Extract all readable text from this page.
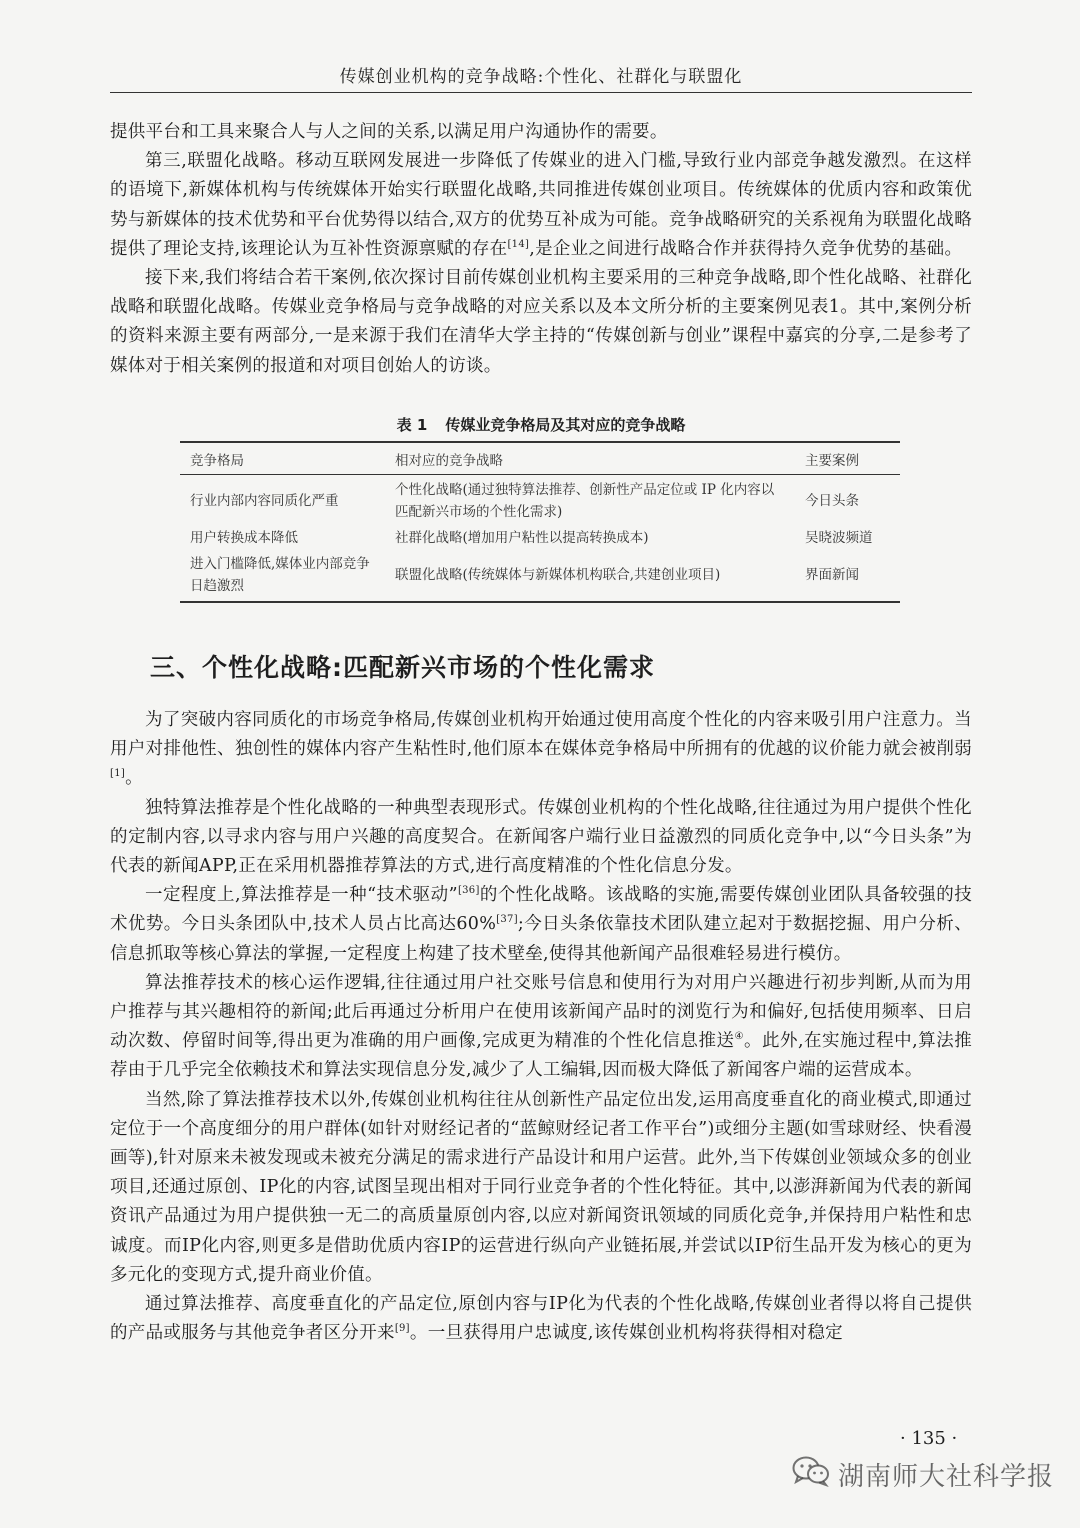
传媒创业机构的竞争战略:个性化、社群化与联盟化

提供平台和工具来聚合人与人之间的关系,以满足用户沟通协作的需要。

第三,联盟化战略。移动互联网发展进一步降低了传媒业的进入门槛,导致行业内部竞争越发激烈。在这样的语境下,新媒体机构与传统媒体开始实行联盟化战略,共同推进传媒创业项目。传统媒体的优质内容和政策优势与新媒体的技术优势和平台优势得以结合,双方的优势互补成为可能。竞争战略研究的关系视角为联盟化战略提供了理论支持,该理论认为互补性资源禀赋的存在[14],是企业之间进行战略合作并获得持久竞争优势的基础。

接下来,我们将结合若干案例,依次探讨目前传媒创业机构主要采用的三种竞争战略,即个性化战略、社群化战略和联盟化战略。传媒业竞争格局与竞争战略的对应关系以及本文所分析的主要案例见表1。其中,案例分析的资料来源主要有两部分,一是来源于我们在清华大学主持的“传媒创新与创业”课程中嘉宾的分享,二是参考了媒体对于相关案例的报道和对项目创始人的访谈。

表 1 传媒业竞争格局及其对应的竞争战略
竞争格局	相对应的竞争战略	主要案例
行业内部内容同质化严重	个性化战略(通过独特算法推荐、创新性产品定位或 IP 化内容以匹配新兴市场的个性化需求)	今日头条
用户转换成本降低	社群化战略(增加用户粘性以提高转换成本)	吴晓波频道
进入门槛降低,媒体业内部竞争日趋激烈	联盟化战略(传统媒体与新媒体机构联合,共建创业项目)	界面新闻
三、个性化战略:匹配新兴市场的个性化需求

为了突破内容同质化的市场竞争格局,传媒创业机构开始通过使用高度个性化的内容来吸引用户注意力。当用户对排他性、独创性的媒体内容产生粘性时,他们原本在媒体竞争格局中所拥有的优越的议价能力就会被削弱[1]。

独特算法推荐是个性化战略的一种典型表现形式。传媒创业机构的个性化战略,往往通过为用户提供个性化的定制内容,以寻求内容与用户兴趣的高度契合。在新闻客户端行业日益激烈的同质化竞争中,以“今日头条”为代表的新闻APP,正在采用机器推荐算法的方式,进行高度精准的个性化信息分发。

一定程度上,算法推荐是一种“技术驱动”[36]的个性化战略。该战略的实施,需要传媒创业团队具备较强的技术优势。今日头条团队中,技术人员占比高达60%[37];今日头条依靠技术团队建立起对于数据挖掘、用户分析、信息抓取等核心算法的掌握,一定程度上构建了技术壁垒,使得其他新闻产品很难轻易进行模仿。

算法推荐技术的核心运作逻辑,往往通过用户社交账号信息和使用行为对用户兴趣进行初步判断,从而为用户推荐与其兴趣相符的新闻;此后再通过分析用户在使用该新闻产品时的浏览行为和偏好,包括使用频率、日启动次数、停留时间等,得出更为准确的用户画像,完成更为精准的个性化信息推送④。此外,在实施过程中,算法推荐由于几乎完全依赖技术和算法实现信息分发,减少了人工编辑,因而极大降低了新闻客户端的运营成本。

当然,除了算法推荐技术以外,传媒创业机构往往从创新性产品定位出发,运用高度垂直化的商业模式,即通过定位于一个高度细分的用户群体(如针对财经记者的“蓝鲸财经记者工作平台”)或细分主题(如雪球财经、快看漫画等),针对原来未被发现或未被充分满足的需求进行产品设计和用户运营。此外,当下传媒创业领域众多的创业项目,还通过原创、IP化的内容,试图呈现出相对于同行业竞争者的个性化特征。其中,以澎湃新闻为代表的新闻资讯产品通过为用户提供独一无二的高质量原创内容,以应对新闻资讯领域的同质化竞争,并保持用户粘性和忠诚度。而IP化内容,则更多是借助优质内容IP的运营进行纵向产业链拓展,并尝试以IP衍生品开发为核心的更为多元化的变现方式,提升商业价值。

通过算法推荐、高度垂直化的产品定位,原创内容与IP化为代表的个性化战略,传媒创业者得以将自己提供的产品或服务与其他竞争者区分开来[9]。一旦获得用户忠诚度,该传媒创业机构将获得相对稳定

· 135 ·
湖南师大社科学报
